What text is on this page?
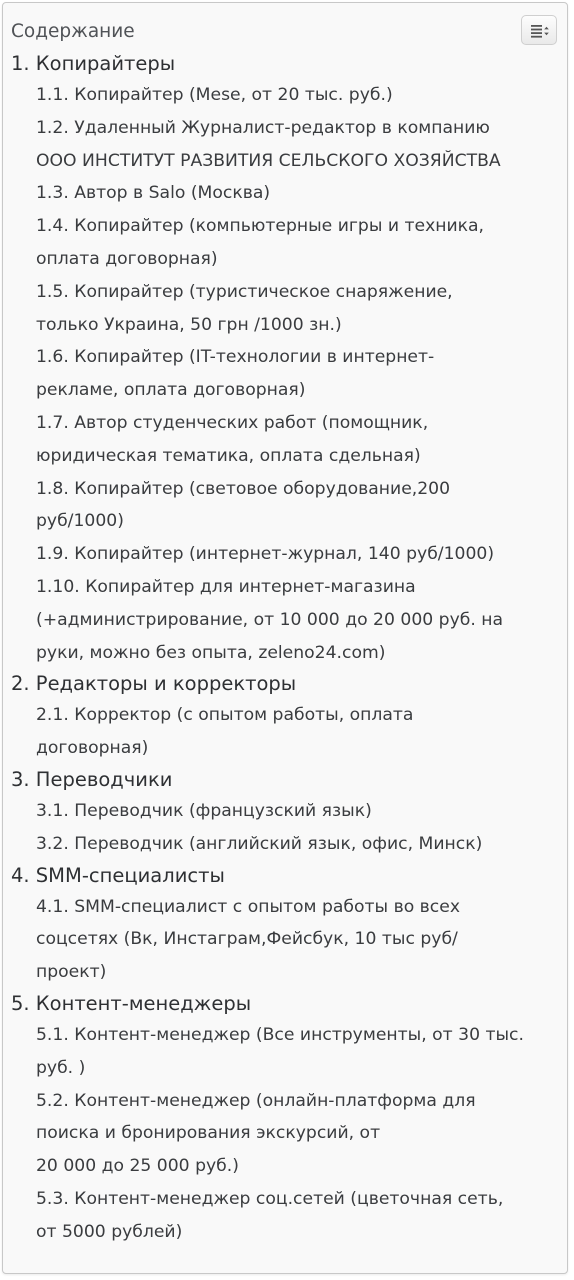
Содержание
1. Копирайтеры
1.1. Копирайтер (Mese, от 20 тыс. руб.)
1.2. Удаленный Журналист-редактор в компанию
ООО ИНСТИТУТ РАЗВИТИЯ СЕЛЬСКОГО ХОЗЯЙСТВА
1.3. Автор в Salo (Москва)
1.4. Копирайтер (компьютерные игры и техника,
оплата договорная)
1.5. Копирайтер (туристическое снаряжение,
только Украина, 50 грн /1000 зн.)
1.6. Копирайтер (IT-технологии в интернет-
рекламе, оплата договорная)
1.7. Автор студенческих работ (помощник,
юридическая тематика, оплата сдельная)
1.8. Копирайтер (световое оборудование,200
руб/1000)
1.9. Копирайтер (интернет-журнал, 140 руб/1000)
1.10. Копирайтер для интернет-магазина
(+администрирование, от 10 000 до 20 000 руб. на
руки, можно без опыта, zeleno24.com)
2. Редакторы и корректоры
2.1. Корректор (с опытом работы, оплата
договорная)
3. Переводчики
3.1. Переводчик (французский язык)
3.2. Переводчик (английский язык, офис, Минск)
4. SMM-специалисты
4.1. SMM-специалист с опытом работы во всех
соцсетях (Вк, Инстаграм,Фейсбук, 10 тыс руб/
проект)
5. Контент-менеджеры
5.1. Контент-менеджер (Все инструменты, от 30 тыс.
руб. )
5.2. Контент-менеджер (онлайн-платформа для
поиска и бронирования экскурсий, от
20 000 до 25 000 руб.)
5.3. Контент-менеджер соц.сетей (цветочная сеть,
от 5000 рублей)
